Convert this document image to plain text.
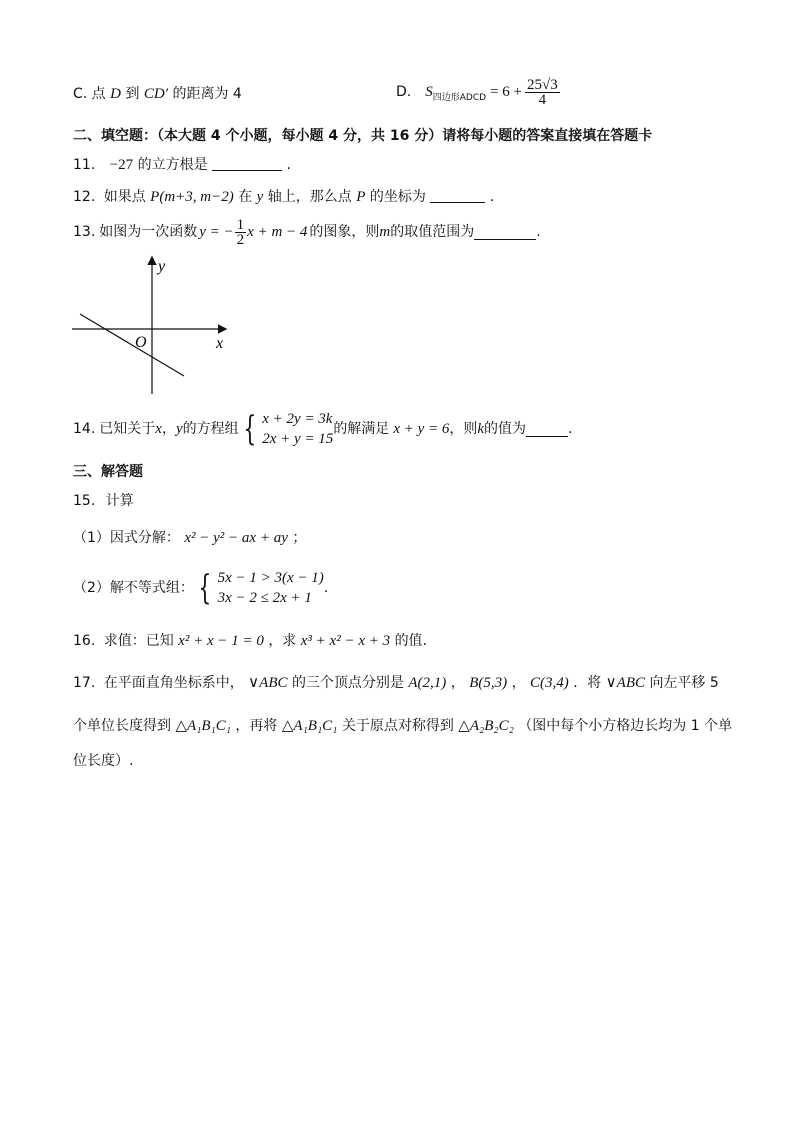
C. 点 D 到 CD′ 的距离为 4	D. S 四边形ADCD = $6 + \frac{25√3}{4}$
二、填空题：（本大题 4 个小题，每小题 4 分，共 16 分）请将每小题的答案直接填在答题卡
11. −27 的立方根是	.
12. 如果点 P(m+3, m−2) 在 y 轴上，那么点 P 的坐标为	.
13. 如图为一次函数 y = − $\frac{1}{2}$ x + m − 4 的图象，则 m 的取值范围为	.
y
x
O
14. 已知关于 x ， y 的方程组 { x + 2y = 3k
2x + y = 15
的解满足 x + y = 6 ，则 k 的值为	.
三、解答题
15. 计算
（1）因式分解： x² − y² − ax + ay ；
（2）解不等式组： { 5x − 1 > 3(x − 1)
3x − 2 ≤ 2x + 1
.
16. 求值：已知 x² + x − 1 = 0 ，求 x³ + x² − x + 3 的值.
17. 在平面直角坐标系中， ∨ABC 的三个顶点分别是 A(2,1) ， B(5,3) ， C(3,4) ．将 ∨ABC 向左平移 5
个单位长度得到 △A₁B₁C₁ ，再将 △A₁B₁C₁ 关于原点对称得到 △A₂B₂C₂ （图中每个小方格边长均为 1 个单
位长度）.
